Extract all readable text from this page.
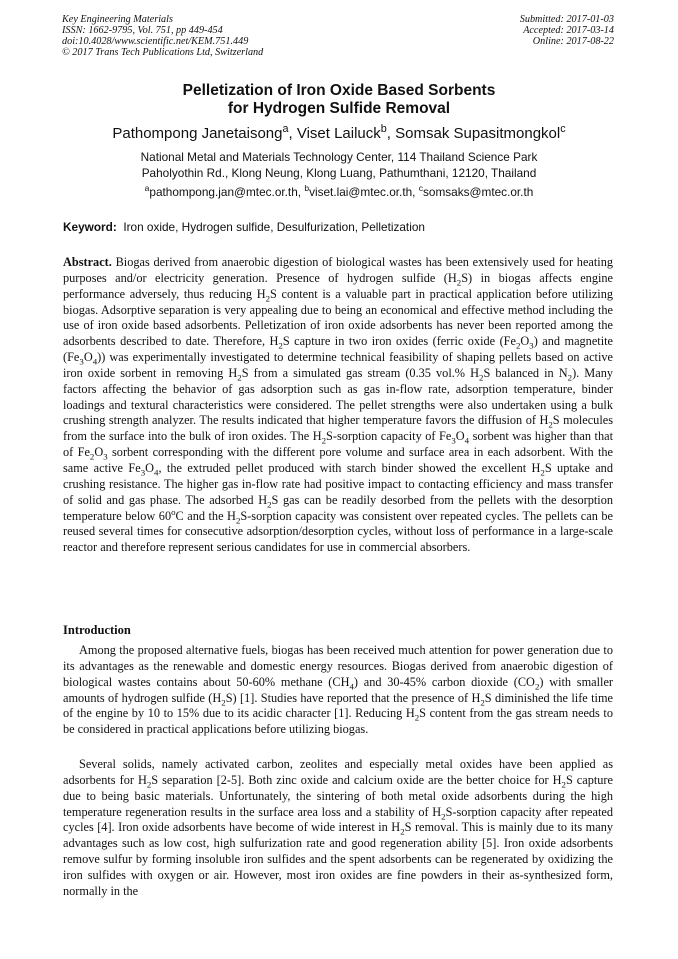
Key Engineering Materials
ISSN: 1662-9795, Vol. 751, pp 449-454
doi:10.4028/www.scientific.net/KEM.751.449
© 2017 Trans Tech Publications Ltd, Switzerland
Submitted: 2017-01-03
Accepted: 2017-03-14
Online: 2017-08-22
Pelletization of Iron Oxide Based Sorbents
for Hydrogen Sulfide Removal
Pathompong Janetaisong$^a$, Viset Lailuck$^b$, Somsak Supasitmongkol$^c$
National Metal and Materials Technology Center, 114 Thailand Science Park
Paholyothin Rd., Klong Neung, Klong Luang, Pathumthani, 12120, Thailand
$^a$pathompong.jan@mtec.or.th, $^b$viset.lai@mtec.or.th, $^c$somsaks@mtec.or.th
Keyword: Iron oxide, Hydrogen sulfide, Desulfurization, Pelletization
Abstract. Biogas derived from anaerobic digestion of biological wastes has been extensively used for heating purposes and/or electricity generation. Presence of hydrogen sulfide $(H_2S)$ in biogas affects engine performance adversely, thus reducing $H_2S$ content is a valuable part in practical application before utilizing biogas. Adsorptive separation is very appealing due to being an economical and effective method including the use of iron oxide based adsorbents. Pelletization of iron oxide adsorbents has never been reported among the adsorbents described to date. Therefore, $H_2S$ capture in two iron oxides (ferric oxide $(Fe_2O_3)$ and magnetite $(Fe_3O_4)$) was experimentally investigated to determine technical feasibility of shaping pellets based on active iron oxide sorbent in removing $H_2S$ from a simulated gas stream (0.35 vol.% $H_2S$ balanced in $N_2$). Many factors affecting the behavior of gas adsorption such as gas in-flow rate, adsorption temperature, binder loadings and textural characteristics were considered. The pellet strengths were also undertaken using a bulk crushing strength analyzer. The results indicated that higher temperature favors the diffusion of $H_2S$ molecules from the surface into the bulk of iron oxides. The $H_2S$-sorption capacity of $Fe_3O_4$ sorbent was higher than that of $Fe_2O_3$ sorbent corresponding with the different pore volume and surface area in each adsorbent. With the same active $Fe_3O_4$, the extruded pellet produced with starch binder showed the excellent $H_2S$ uptake and crushing resistance. The higher gas in-flow rate had positive impact to contacting efficiency and mass transfer of solid and gas phase. The adsorbed $H_2S$ gas can be readily desorbed from the pellets with the desorption temperature below 60$^o$C and the $H_2S$-sorption capacity was consistent over repeated cycles. The pellets can be reused several times for consecutive adsorption/desorption cycles, without loss of performance in a large-scale reactor and therefore represent serious candidates for use in commercial absorbers.
Introduction
Among the proposed alternative fuels, biogas has been received much attention for power generation due to its advantages as the renewable and domestic energy resources. Biogas derived from anaerobic digestion of biological wastes contains about 50-60% methane $(CH_4)$ and 30-45% carbon dioxide $(CO_2)$ with smaller amounts of hydrogen sulfide $(H_2S)$ [1]. Studies have reported that the presence of $H_2S$ diminished the life time of the engine by 10 to 15% due to its acidic character [1]. Reducing $H_2S$ content from the gas stream needs to be considered in practical applications before utilizing biogas.
Several solids, namely activated carbon, zeolites and especially metal oxides have been applied as adsorbents for $H_2S$ separation [2-5]. Both zinc oxide and calcium oxide are the better choice for $H_2S$ capture due to being basic materials. Unfortunately, the sintering of both metal oxide adsorbents during the high temperature regeneration results in the surface area loss and a stability of $H_2S$-sorption capacity after repeated cycles [4]. Iron oxide adsorbents have become of wide interest in $H_2S$ removal. This is mainly due to its many advantages such as low cost, high sulfurization rate and good regeneration ability [5]. Iron oxide adsorbents remove sulfur by forming insoluble iron sulfides and the spent adsorbents can be regenerated by oxidizing the iron sulfides with oxygen or air. However, most iron oxides are fine powders in their as-synthesized form, normally in the
